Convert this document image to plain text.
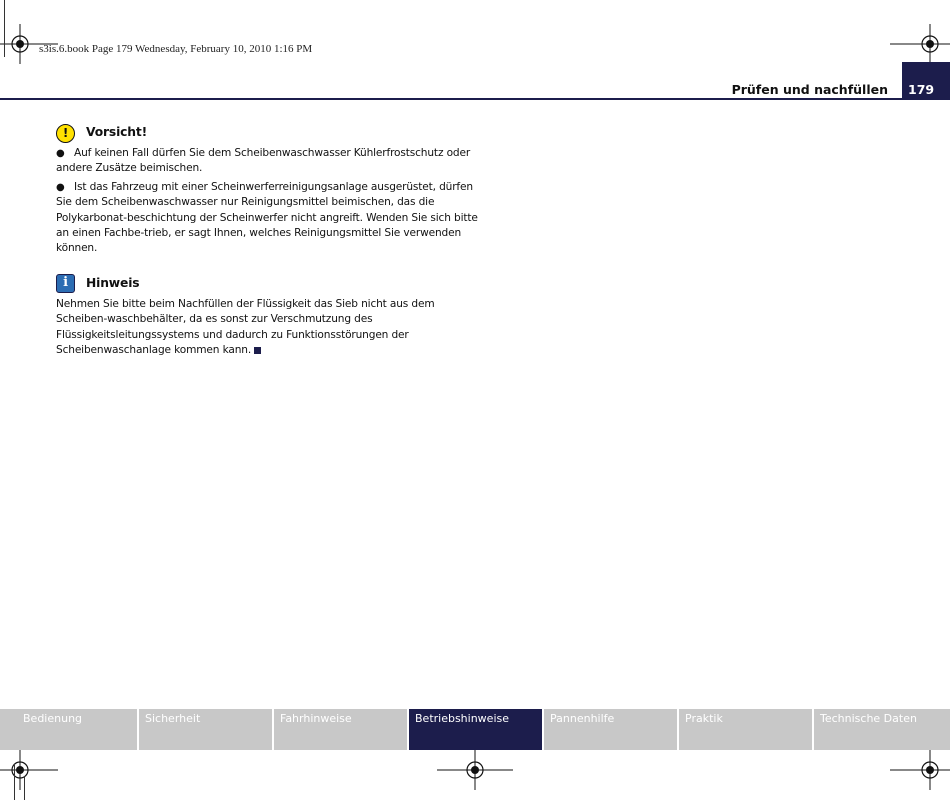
s3is.6.book Page 179 Wednesday, February 10, 2010 1:16 PM
179
Prüfen und nachfüllen
!
Vorsicht!

● Auf keinen Fall dürfen Sie dem Scheibenwaschwasser Kühlerfrostschutz oder andere Zusätze beimischen.

● Ist das Fahrzeug mit einer Scheinwerferreinigungsanlage ausgerüstet, dürfen Sie dem Scheibenwaschwasser nur Reinigungsmittel beimischen, das die Polykarbonat-beschichtung der Scheinwerfer nicht angreift. Wenden Sie sich bitte an einen Fachbe-trieb, er sagt Ihnen, welches Reinigungsmittel Sie verwenden können.

i
Hinweis

Nehmen Sie bitte beim Nachfüllen der Flüssigkeit das Sieb nicht aus dem Scheiben-waschbehälter, da es sonst zur Verschmutzung des Flüssigkeitsleitungssystems und dadurch zu Funktionsstörungen der Scheibenwaschanlage kommen kann.

Bedienung	Sicherheit	Fahrhinweise	Betriebshinweise	Pannenhilfe	Praktik	Technische Daten
